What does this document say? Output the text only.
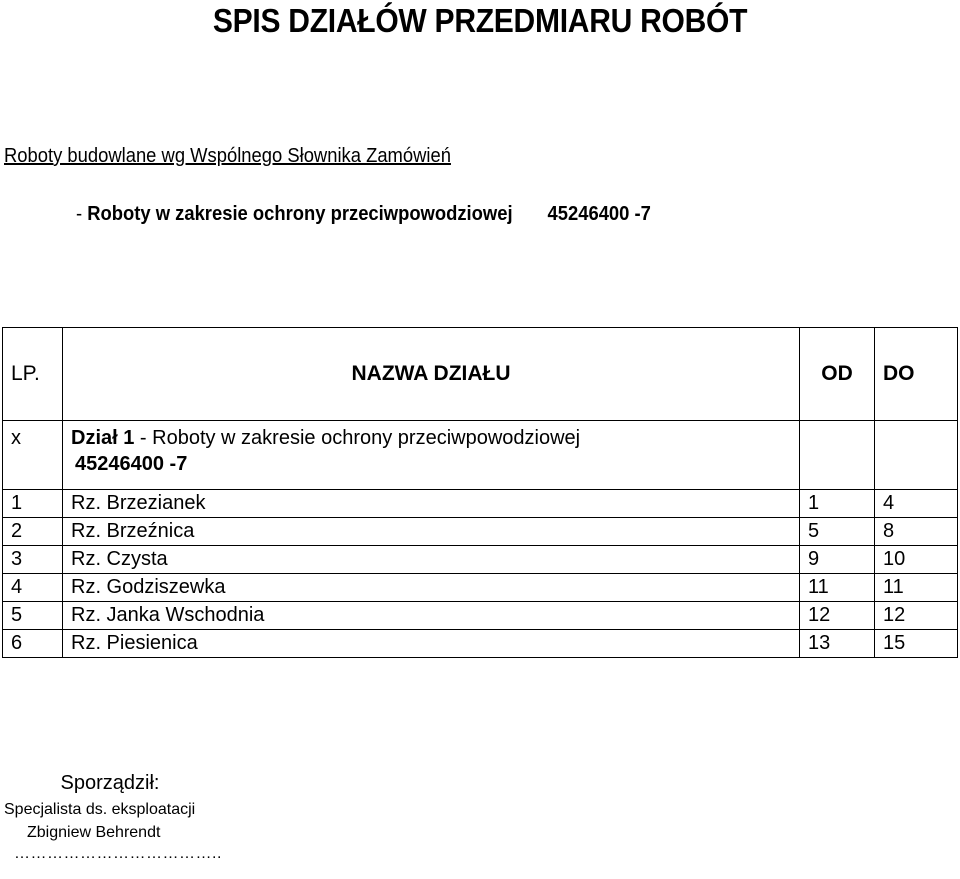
SPIS DZIAŁÓW PRZEDMIARU ROBÓT
Roboty budowlane wg Wspólnego Słownika Zamówień
- Roboty w zakresie ochrony przeciwpowodziowej 45246400 -7
LP.	NAZWA DZIAŁU	OD	DO
x	Dział 1 - Roboty w zakresie ochrony przeciwpowodziowej
45246400 -7		

1	Rz. Brzezianek	1	4
2	Rz. Brzeźnica	5	8
3	Rz. Czysta	9	10
4	Rz. Godziszewka	11	11
5	Rz. Janka Wschodnia	12	12
6	Rz. Piesienica	13	15
Sporządził:
Specjalista ds. eksploatacji
Zbigniew Behrendt
………………………………..
